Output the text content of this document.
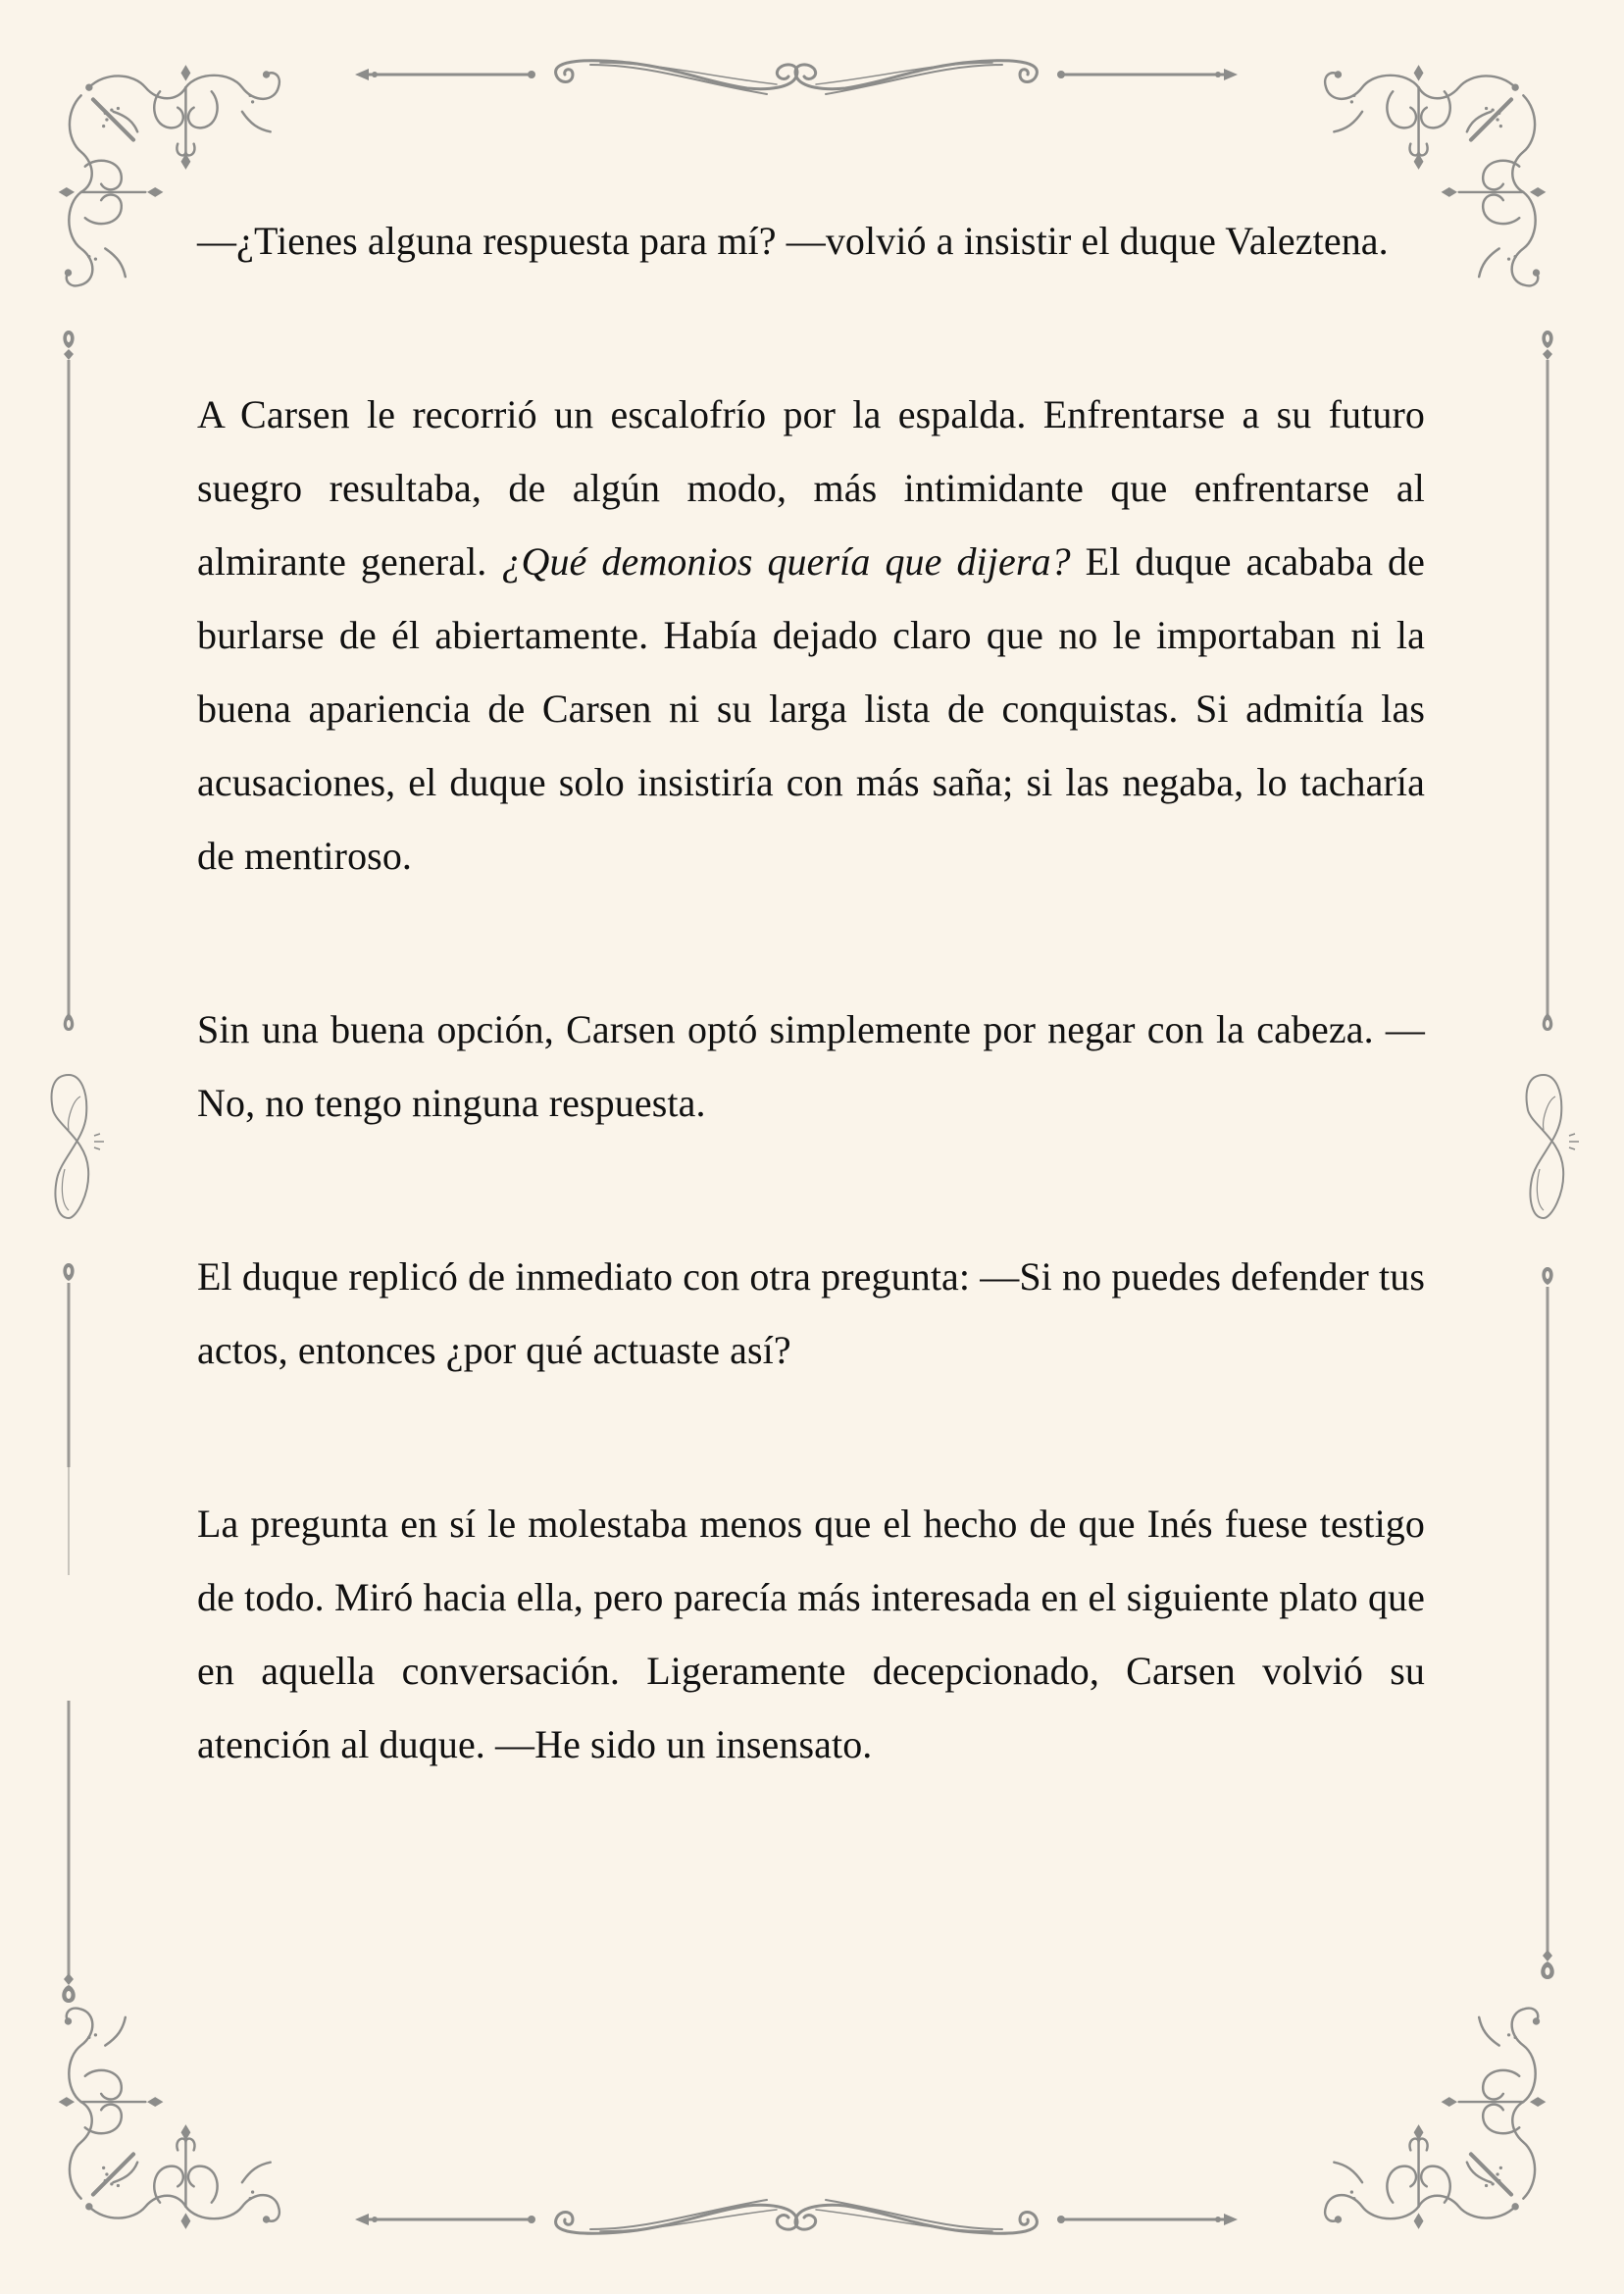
—¿Tienes alguna respuesta para mí? —volvió a insistir el duque Valeztena.

A Carsen le recorrió un escalofrío por la espalda. Enfrentarse a su futuro suegro resultaba, de algún modo, más intimidante que enfrentarse al almirante general. ¿Qué demonios quería que dijera? El duque acababa de burlarse de él abiertamente. Había dejado claro que no le importaban ni la buena apariencia de Carsen ni su larga lista de conquistas. Si admitía las acusaciones, el duque solo insistiría con más saña; si las negaba, lo tacharía de mentiroso.

Sin una buena opción, Carsen optó simplemente por negar con la cabeza. —No, no tengo ninguna respuesta.

El duque replicó de inmediato con otra pregunta: —Si no puedes defender tus actos, entonces ¿por qué actuaste así?

La pregunta en sí le molestaba menos que el hecho de que Inés fuese testigo de todo. Miró hacia ella, pero parecía más interesada en el siguiente plato que en aquella conversación. Ligeramente decepcionado, Carsen volvió su atención al duque. —He sido un insensato.
